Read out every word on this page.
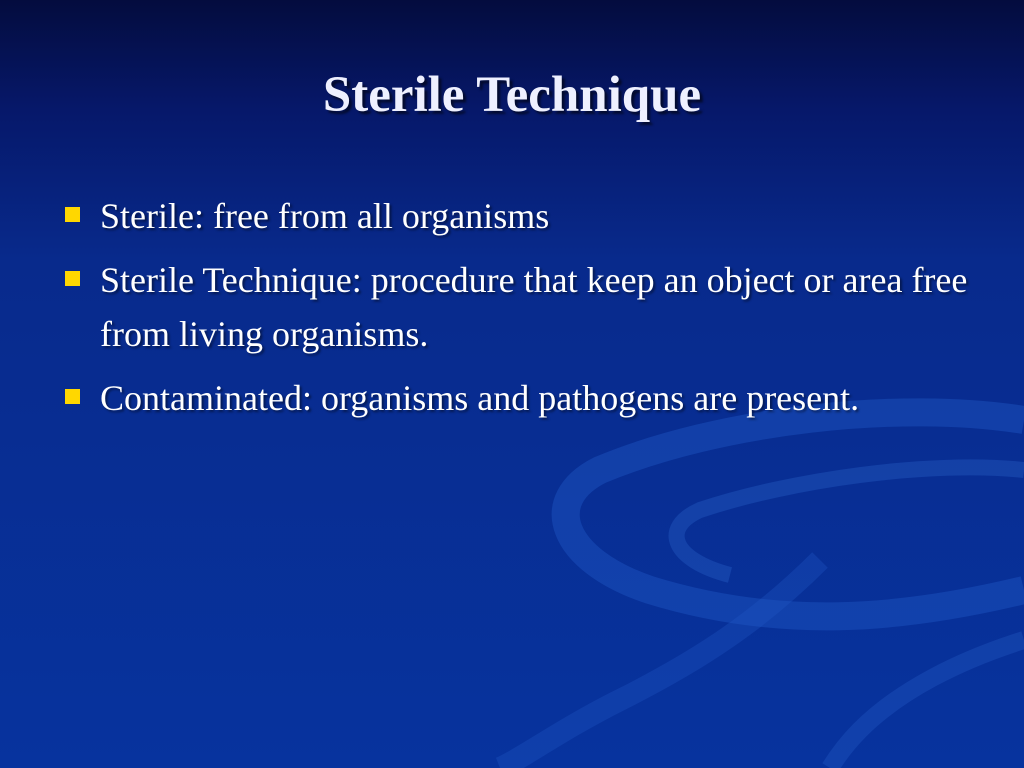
Sterile Technique
Sterile: free from all organisms
Sterile Technique: procedure that keep an object or area free from living organisms.
Contaminated: organisms and pathogens are present.
